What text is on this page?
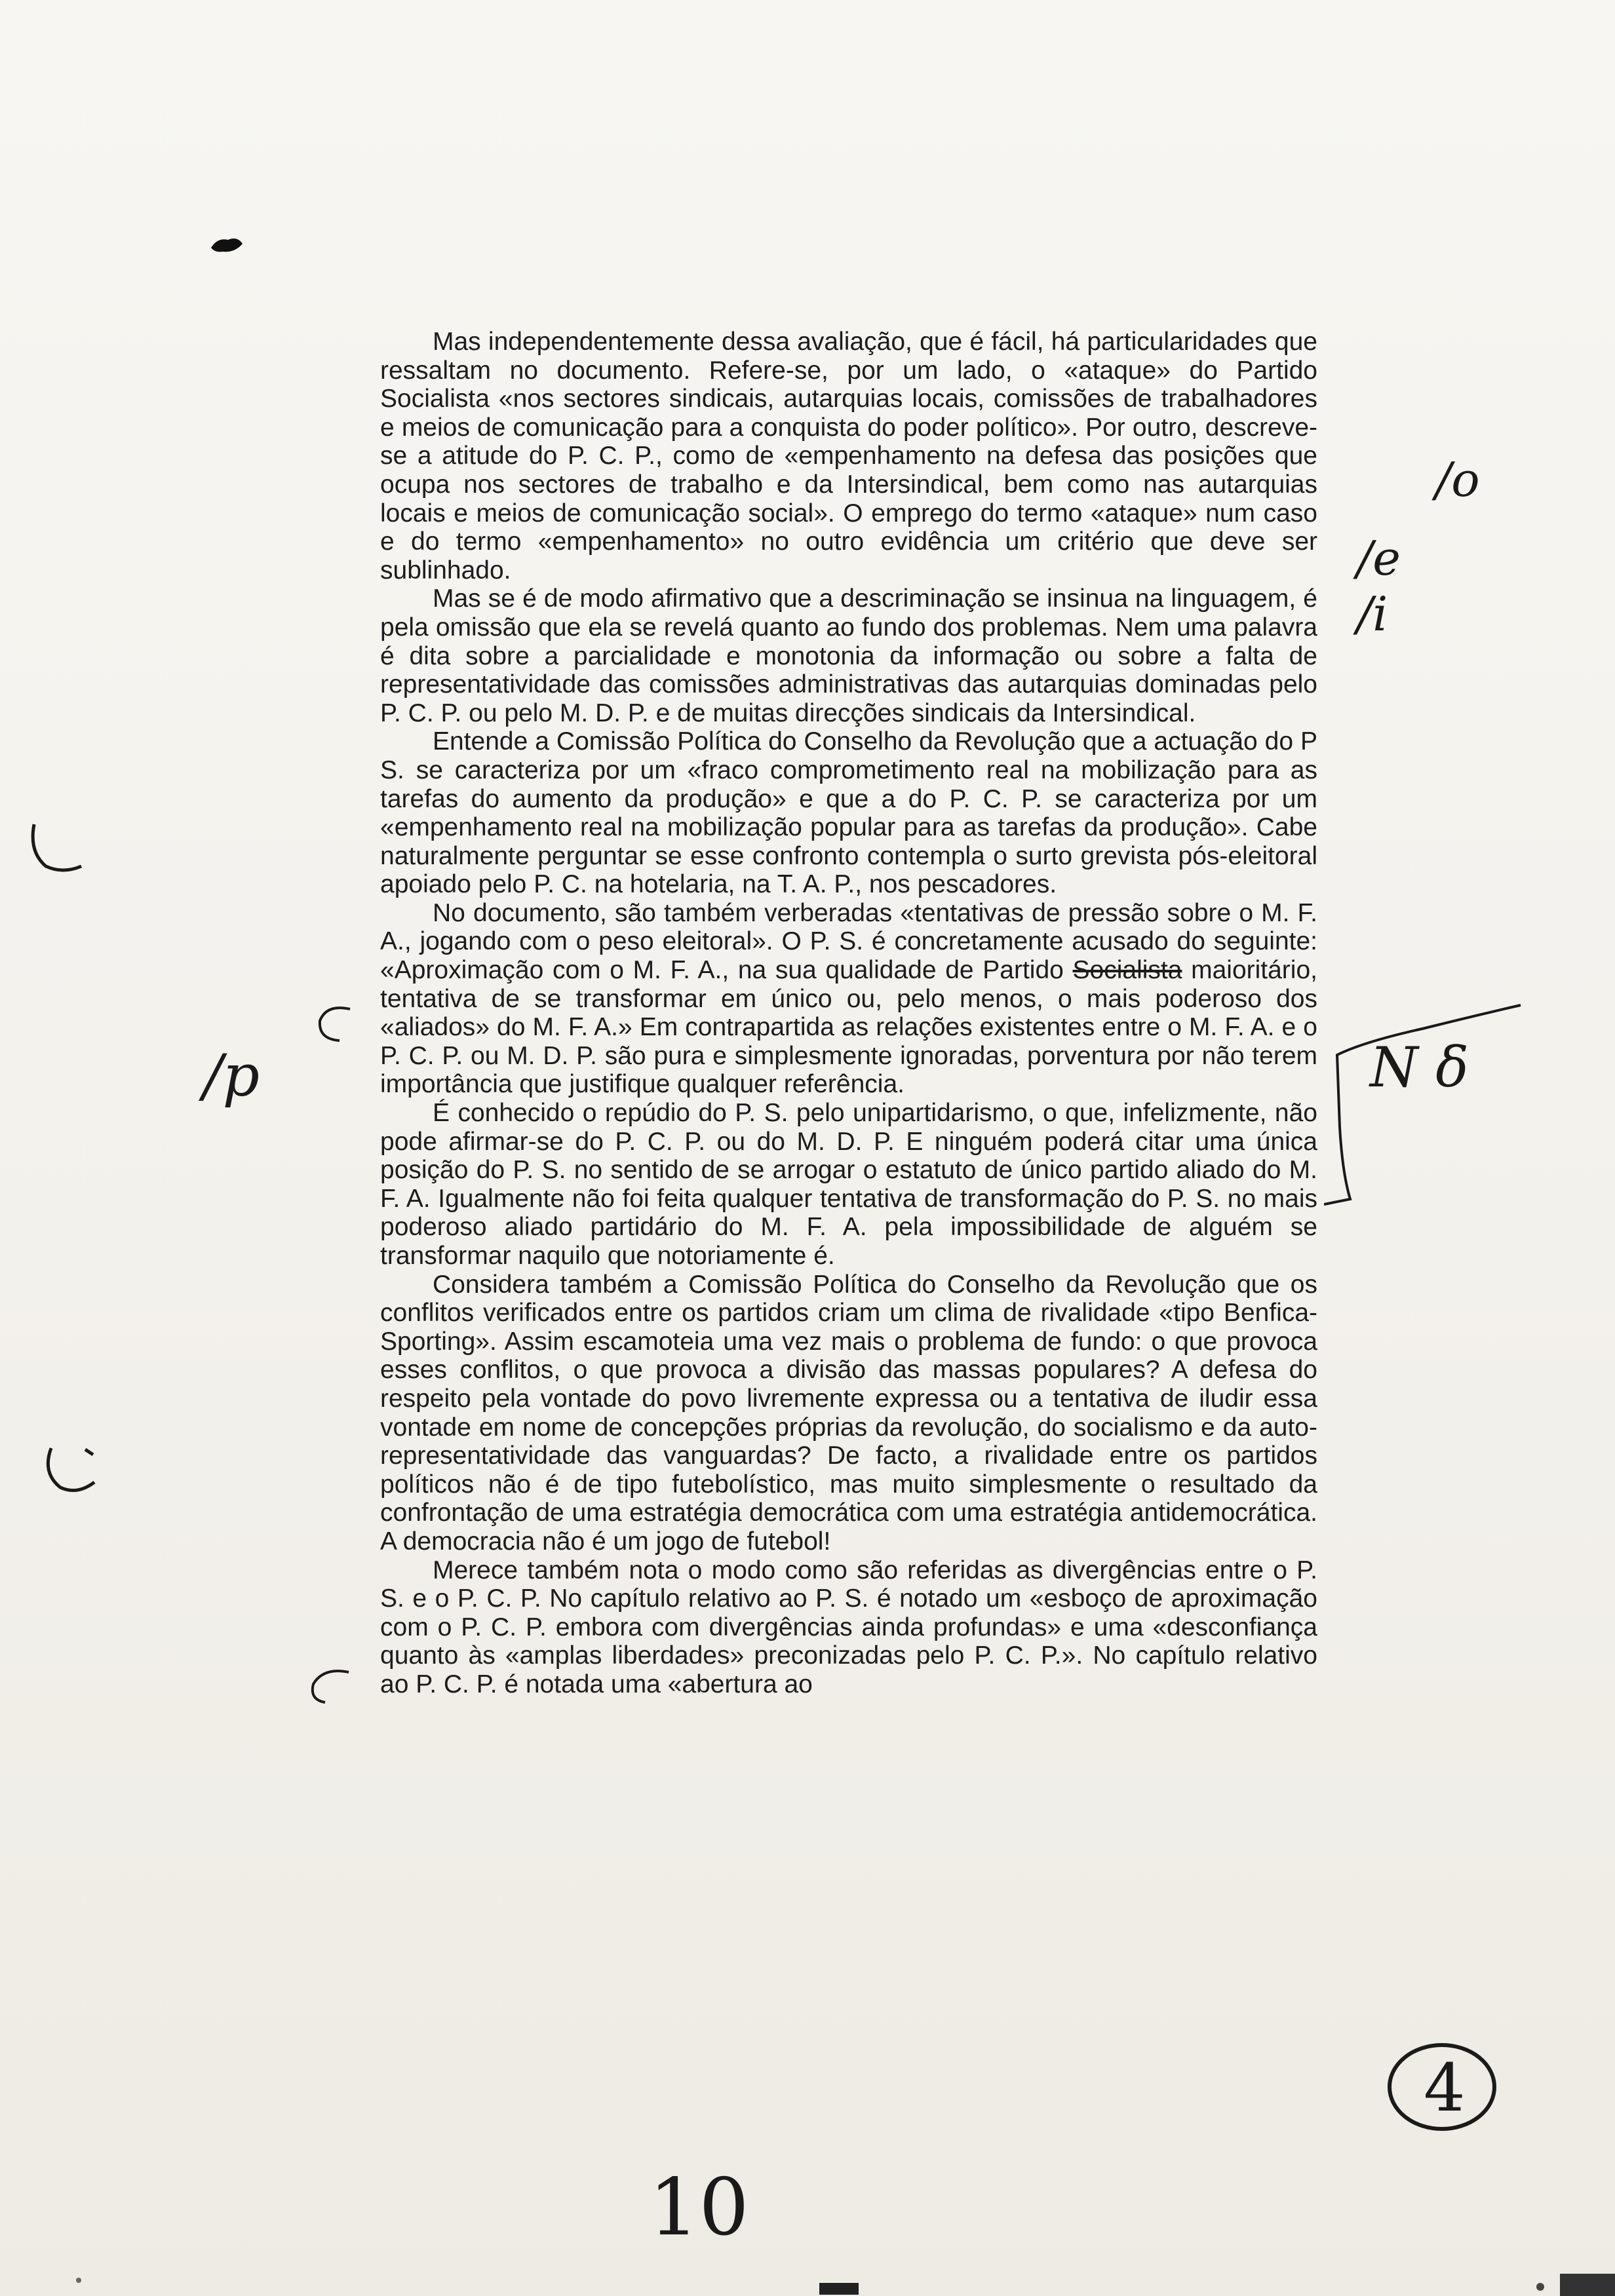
Mas independentemente dessa avaliação, que é fácil, há particularidades que ressaltam no documento. Refere-se, por um lado, o «ataque» do Partido Socialista «nos sectores sindicais, autarquias locais, comissões de trabalhadores e meios de comunicação para a conquista do poder político». Por outro, descreve-se a atitude do P. C. P., como de «empenhamento na defesa das posições que ocupa nos sectores de trabalho e da Intersindical, bem como nas autarquias locais e meios de comunicação social». O emprego do termo «ataque» num caso e do termo «empenhamento» no outro evidência um critério que deve ser sublinhado.

Mas se é de modo afirmativo que a descriminação se insinua na linguagem, é pela omissão que ela se revelá quanto ao fundo dos problemas. Nem uma palavra é dita sobre a parcialidade e monotonia da informação ou sobre a falta de representatividade das comissões administrativas das autarquias dominadas pelo P. C. P. ou pelo M. D. P. e de muitas direcções sindicais da Intersindical.

Entende a Comissão Política do Conselho da Revolução que a actuação do P S. se caracteriza por um «fraco comprometimento real na mobilização para as tarefas do aumento da produção» e que a do P. C. P. se caracteriza por um «empenhamento real na mobilização popular para as tarefas da produção». Cabe naturalmente perguntar se esse confronto contempla o surto grevista pós-eleitoral apoiado pelo P. C. na hotelaria, na T. A. P., nos pescadores.

No documento, são também verberadas «tentativas de pressão sobre o M. F. A., jogando com o peso eleitoral». O P. S. é concretamente acusado do seguinte: «Aproximação com o M. F. A., na sua qualidade de Partido Socialista maioritário, tentativa de se transformar em único ou, pelo menos, o mais poderoso dos «aliados» do M. F. A.» Em contrapartida as relações existentes entre o M. F. A. e o P. C. P. ou M. D. P. são pura e simplesmente ignoradas, porventura por não terem importância que justifique qualquer referência.

É conhecido o repúdio do P. S. pelo unipartidarismo, o que, infelizmente, não pode afirmar-se do P. C. P. ou do M. D. P. E ninguém poderá citar uma única posição do P. S. no sentido de se arrogar o estatuto de único partido aliado do M. F. A. Igualmente não foi feita qualquer tentativa de transformação do P. S. no mais poderoso aliado partidário do M. F. A. pela impossibilidade de alguém se transformar naquilo que notoriamente é.

Considera também a Comissão Política do Conselho da Revolução que os conflitos verificados entre os partidos criam um clima de rivalidade «tipo Benfica-Sporting». Assim escamoteia uma vez mais o problema de fundo: o que provoca esses conflitos, o que provoca a divisão das massas populares? A defesa do respeito pela vontade do povo livremente expressa ou a tentativa de iludir essa vontade em nome de concepções próprias da revolução, do socialismo e da auto-representatividade das vanguardas? De facto, a rivalidade entre os partidos políticos não é de tipo futebolístico, mas muito simplesmente o resultado da confrontação de uma estratégia democrática com uma estratégia antidemocrática. A democracia não é um jogo de futebol!

Merece também nota o modo como são referidas as divergências entre o P. S. e o P. C. P. No capítulo relativo ao P. S. é notado um «esboço de aproximação com o P. C. P. embora com divergências ainda profundas» e uma «desconfiança quanto às «amplas liberdades» preconizadas pelo P. C. P.». No capítulo relativo ao P. C. P. é notada uma «abertura ao

/o
/e
/i
/p	N δ
10
4
